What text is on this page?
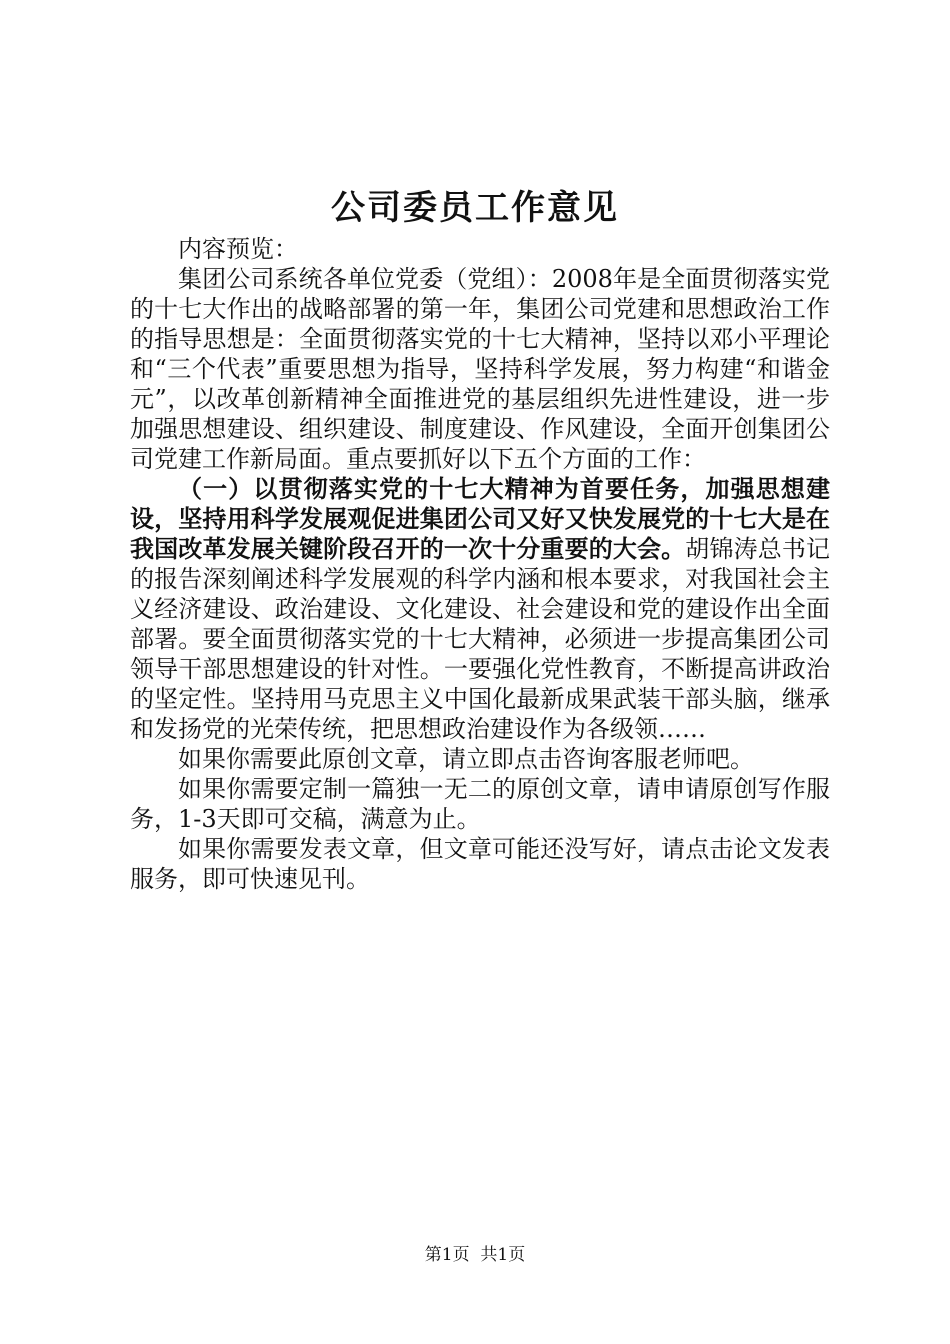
公司委员工作意见

内容预览：

集团公司系统各单位党委（党组）：2008年是全面贯彻落实党的十七大作出的战略部署的第一年，集团公司党建和思想政治工作的指导思想是：全面贯彻落实党的十七大精神，坚持以邓小平理论和“三个代表”重要思想为指导，坚持科学发展，努力构建“和谐金元”，以改革创新精神全面推进党的基层组织先进性建设，进一步加强思想建设、组织建设、制度建设、作风建设，全面开创集团公司党建工作新局面。重点要抓好以下五个方面的工作：

（一）以贯彻落实党的十七大精神为首要任务，加强思想建设，坚持用科学发展观促进集团公司又好又快发展党的十七大是在我国改革发展关键阶段召开的一次十分重要的大会。胡锦涛总书记的报告深刻阐述科学发展观的科学内涵和根本要求，对我国社会主义经济建设、政治建设、文化建设、社会建设和党的建设作出全面部署。要全面贯彻落实党的十七大精神，必须进一步提高集团公司领导干部思想建设的针对性。一要强化党性教育，不断提高讲政治的坚定性。坚持用马克思主义中国化最新成果武装干部头脑，继承和发扬党的光荣传统，把思想政治建设作为各级领……

如果你需要此原创文章，请立即点击咨询客服老师吧。

如果你需要定制一篇独一无二的原创文章，请申请原创写作服务，1-3天即可交稿，满意为止。

如果你需要发表文章，但文章可能还没写好，请点击论文发表服务，即可快速见刊。

第1页  共1页
